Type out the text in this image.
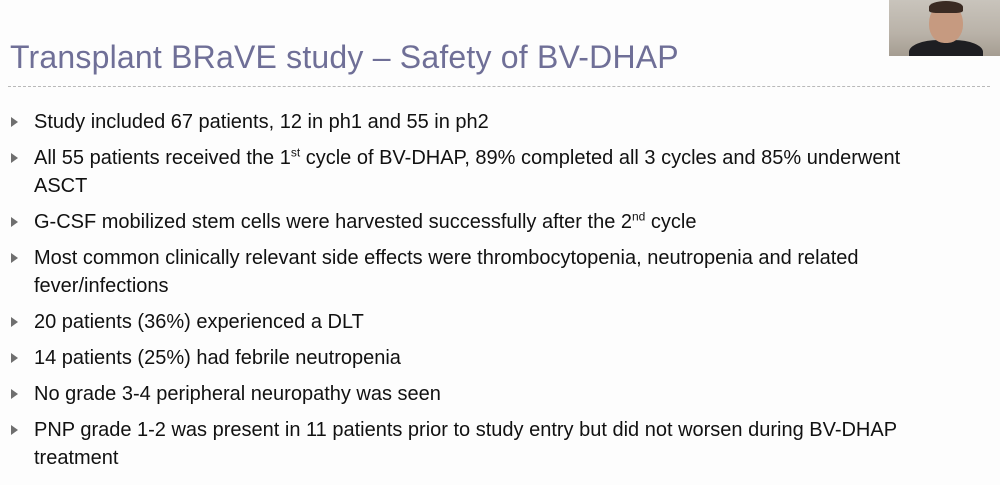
Transplant BRaVE study – Safety of BV-DHAP
Study included 67 patients, 12 in ph1 and 55 in ph2
All 55 patients received the 1st cycle of BV-DHAP, 89% completed all 3 cycles and 85% underwent ASCT
G-CSF mobilized stem cells were harvested successfully after the 2nd cycle
Most common clinically relevant side effects were thrombocytopenia, neutropenia and related fever/infections
20 patients (36%) experienced a DLT
14 patients (25%) had febrile neutropenia
No grade 3-4 peripheral neuropathy was seen
PNP grade 1-2 was present in 11 patients prior to study entry but did not worsen during BV-DHAP treatment
